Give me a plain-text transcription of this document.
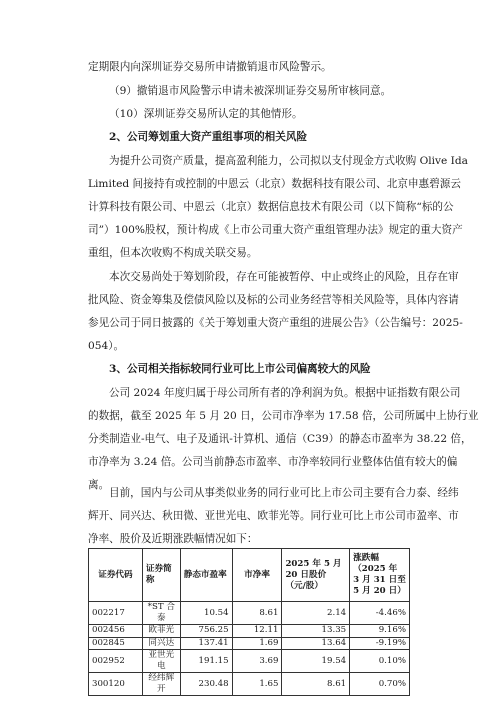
定期限内向深圳证券交易所申请撤销退市风险警示。
（9）撤销退市风险警示申请未被深圳证券交易所审核同意。
（10）深圳证券交易所认定的其他情形。
2、公司筹划重大资产重组事项的相关风险
为提升公司资产质量，提高盈利能力，公司拟以支付现金方式收购 Olive Ida
Limited 间接持有或控制的中恩云（北京）数据科技有限公司、北京申惠碧源云
计算科技有限公司、中恩云（北京）数据信息技术有限公司（以下简称“标的公
司”）100%股权，预计构成《上市公司重大资产重组管理办法》规定的重大资产
重组，但本次收购不构成关联交易。
本次交易尚处于筹划阶段，存在可能被暂停、中止或终止的风险，且存在审
批风险、资金筹集及偿债风险以及标的公司业务经营等相关风险等，具体内容请
参见公司于同日披露的《关于筹划重大资产重组的进展公告》（公告编号：2025-
054）。
3、公司相关指标较同行业可比上市公司偏离较大的风险
公司 2024 年度归属于母公司所有者的净利润为负。根据中证指数有限公司
的数据，截至 2025 年 5 月 20 日，公司市净率为 17.58 倍，公司所属中上协行业
分类制造业-电气、电子及通讯-计算机、通信（C39）的静态市盈率为 38.22 倍，
市净率为 3.24 倍。公司当前静态市盈率、市净率较同行业整体估值有较大的偏
离。
目前，国内与公司从事类似业务的同行业可比上市公司主要有合力泰、经纬
辉开、同兴达、秋田微、亚世光电、欧菲光等。同行业可比上市公司市盈率、市
净率、股价及近期涨跌幅情况如下：
证券代码	证券简称	静态市盈率	市净率	2025 年 5 月 20 日股价（元/股）	涨跌幅（2025 年 3 月 31 日至 5 月 20 日）
002217	*ST 合泰	10.54	8.61	2.14	-4.46%
002456	欧菲光	756.25	12.11	13.35	9.16%
002845	同兴达	137.41	1.69	13.64	-9.19%
002952	亚世光电	191.15	3.69	19.54	0.10%
300120	经纬辉开	230.48	1.65	8.61	0.70%
